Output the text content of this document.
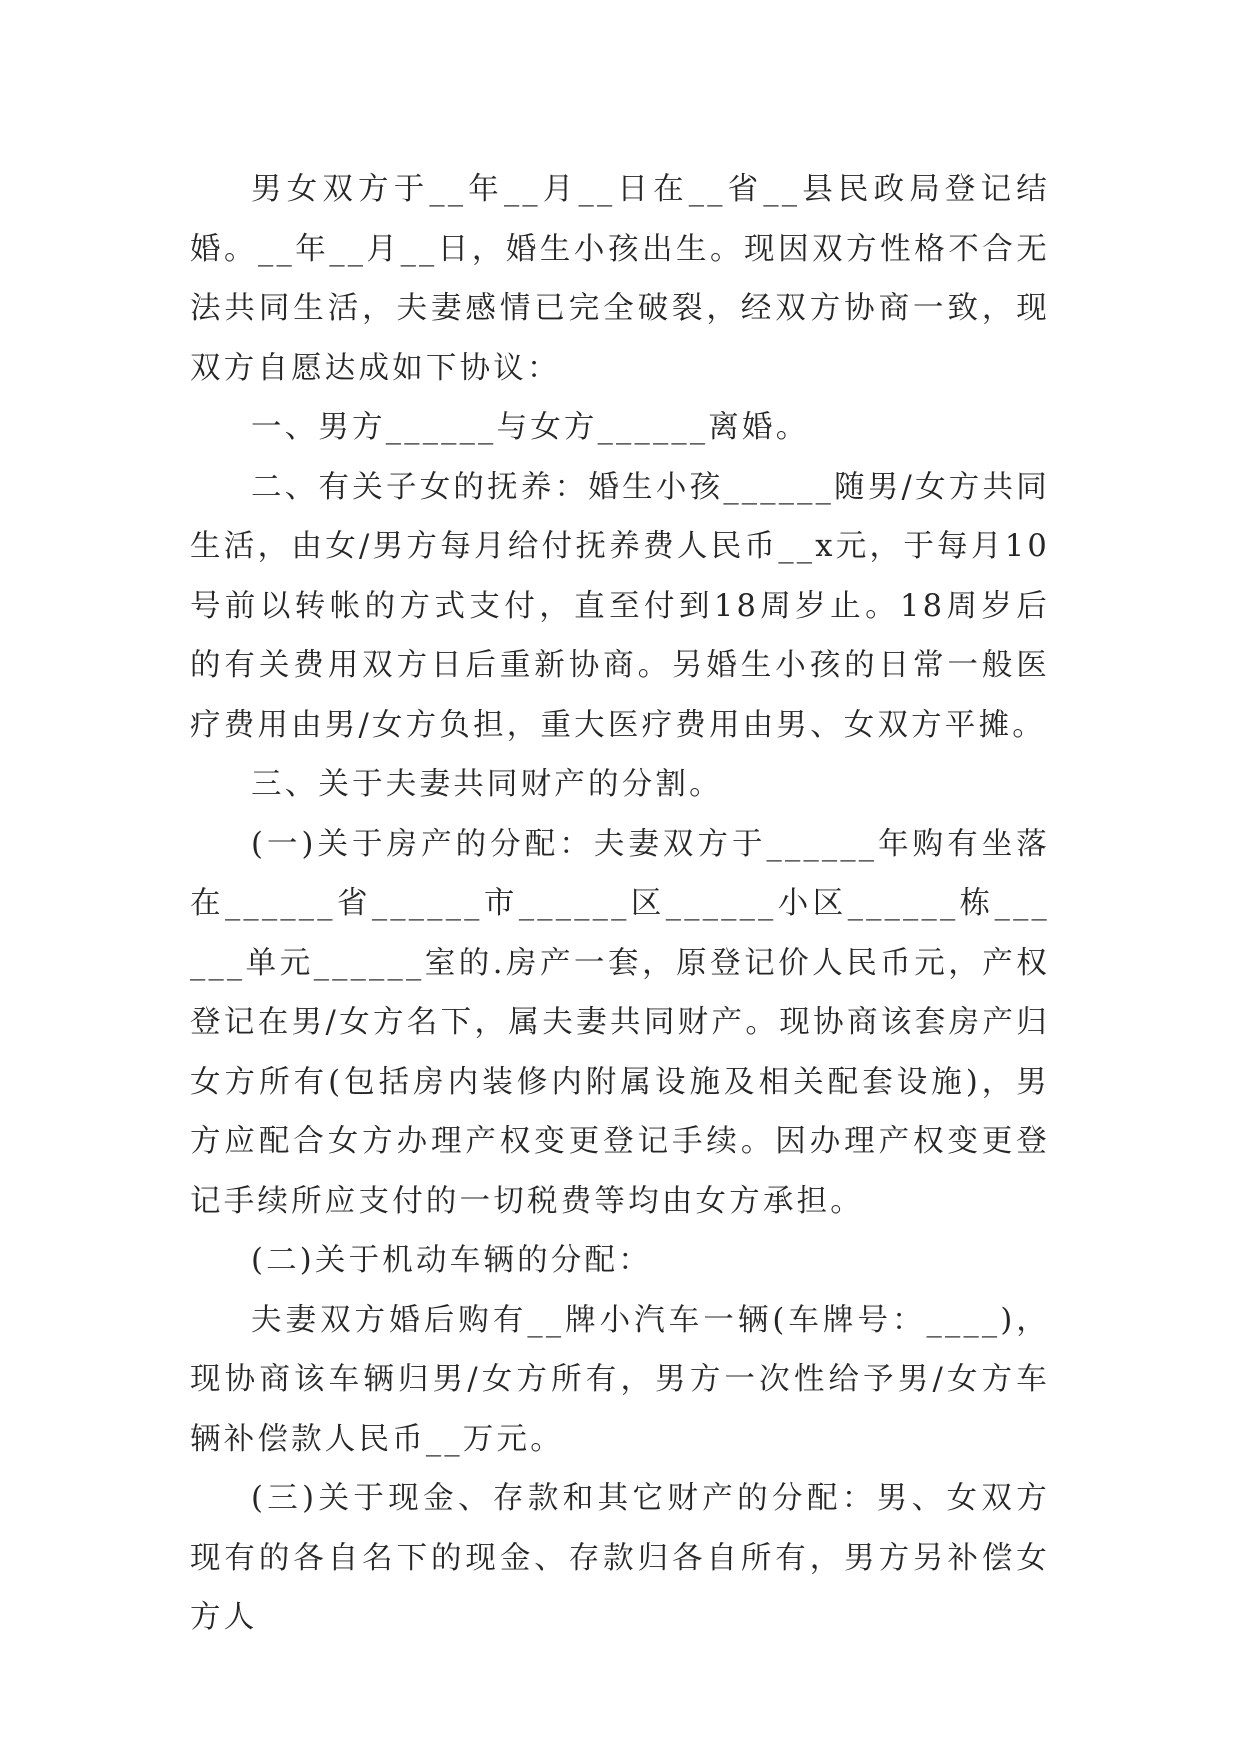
男女双方于__年__月__日在__省__县民政局登记结婚。__年__月__日，婚生小孩出生。现因双方性格不合无法共同生活，夫妻感情已完全破裂，经双方协商一致，现双方自愿达成如下协议：

一、男方______与女方______离婚。

二、有关子女的抚养：婚生小孩______随男/女方共同生活，由女/男方每月给付抚养费人民币__x元，于每月10号前以转帐的方式支付，直至付到18周岁止。18周岁后的有关费用双方日后重新协商。另婚生小孩的日常一般医疗费用由男/女方负担，重大医疗费用由男、女双方平摊。

三、关于夫妻共同财产的分割。

(一)关于房产的分配：夫妻双方于______年购有坐落在______省______市______区______小区______栋______单元______室的.房产一套，原登记价人民币元，产权登记在男/女方名下，属夫妻共同财产。现协商该套房产归女方所有(包括房内装修内附属设施及相关配套设施)，男方应配合女方办理产权变更登记手续。因办理产权变更登记手续所应支付的一切税费等均由女方承担。

(二)关于机动车辆的分配：

夫妻双方婚后购有__牌小汽车一辆(车牌号：____)，现协商该车辆归男/女方所有，男方一次性给予男/女方车辆补偿款人民币__万元。

(三)关于现金、存款和其它财产的分配：男、女双方现有的各自名下的现金、存款归各自所有，男方另补偿女方人
